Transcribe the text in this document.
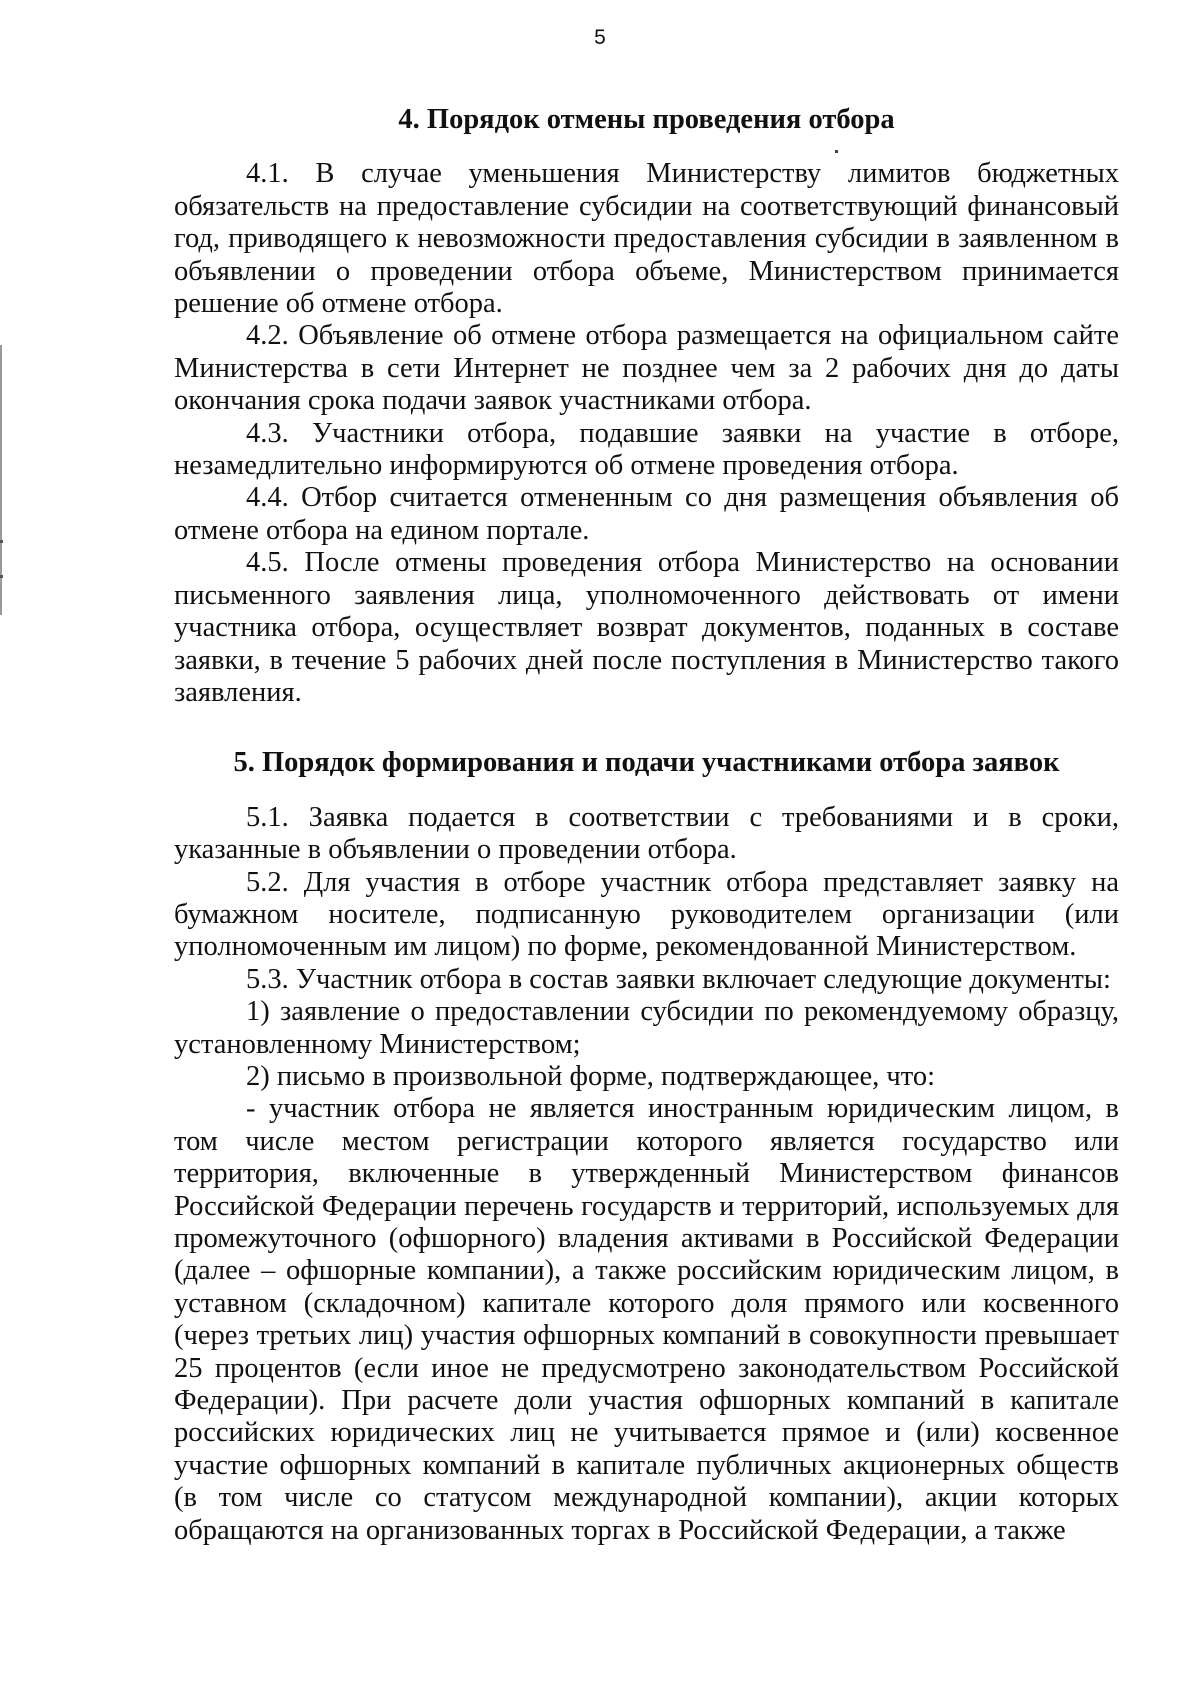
5
4. Порядок отмены проведения отбора

4.1. В случае уменьшения Министерству лимитов бюджетных обязательств на предоставление субсидии на соответствующий финансовый год, приводящего к невозможности предоставления субсидии в заявленном в объявлении о проведении отбора объеме, Министерством принимается решение об отмене отбора.

4.2. Объявление об отмене отбора размещается на официальном сайте Министерства в сети Интернет не позднее чем за 2 рабочих дня до даты окончания срока подачи заявок участниками отбора.

4.3. Участники отбора, подавшие заявки на участие в отборе, незамедлительно информируются об отмене проведения отбора.

4.4. Отбор считается отмененным со дня размещения объявления об отмене отбора на едином портале.

4.5. После отмены проведения отбора Министерство на основании письменного заявления лица, уполномоченного действовать от имени участника отбора, осуществляет возврат документов, поданных в составе заявки, в течение 5 рабочих дней после поступления в Министерство такого заявления.

5. Порядок формирования и подачи участниками отбора заявок

5.1. Заявка подается в соответствии с требованиями и в сроки, указанные в объявлении о проведении отбора.

5.2. Для участия в отборе участник отбора представляет заявку на бумажном носителе, подписанную руководителем организации (или уполномоченным им лицом) по форме, рекомендованной Министерством.

5.3. Участник отбора в состав заявки включает следующие документы:

1) заявление о предоставлении субсидии по рекомендуемому образцу, установленному Министерством;

2) письмо в произвольной форме, подтверждающее, что:

- участник отбора не является иностранным юридическим лицом, в том числе местом регистрации которого является государство или территория, включенные в утвержденный Министерством финансов Российской Федерации перечень государств и территорий, используемых для промежуточного (офшорного) владения активами в Российской Федерации (далее – офшорные компании), а также российским юридическим лицом, в уставном (складочном) капитале которого доля прямого или косвенного (через третьих лиц) участия офшорных компаний в совокупности превышает 25 процентов (если иное не предусмотрено законодательством Российской Федерации). При расчете доли участия офшорных компаний в капитале российских юридических лиц не учитывается прямое и (или) косвенное участие офшорных компаний в капитале публичных акционерных обществ (в том числе со статусом международной компании), акции которых обращаются на организованных торгах в Российской Федерации, а также
